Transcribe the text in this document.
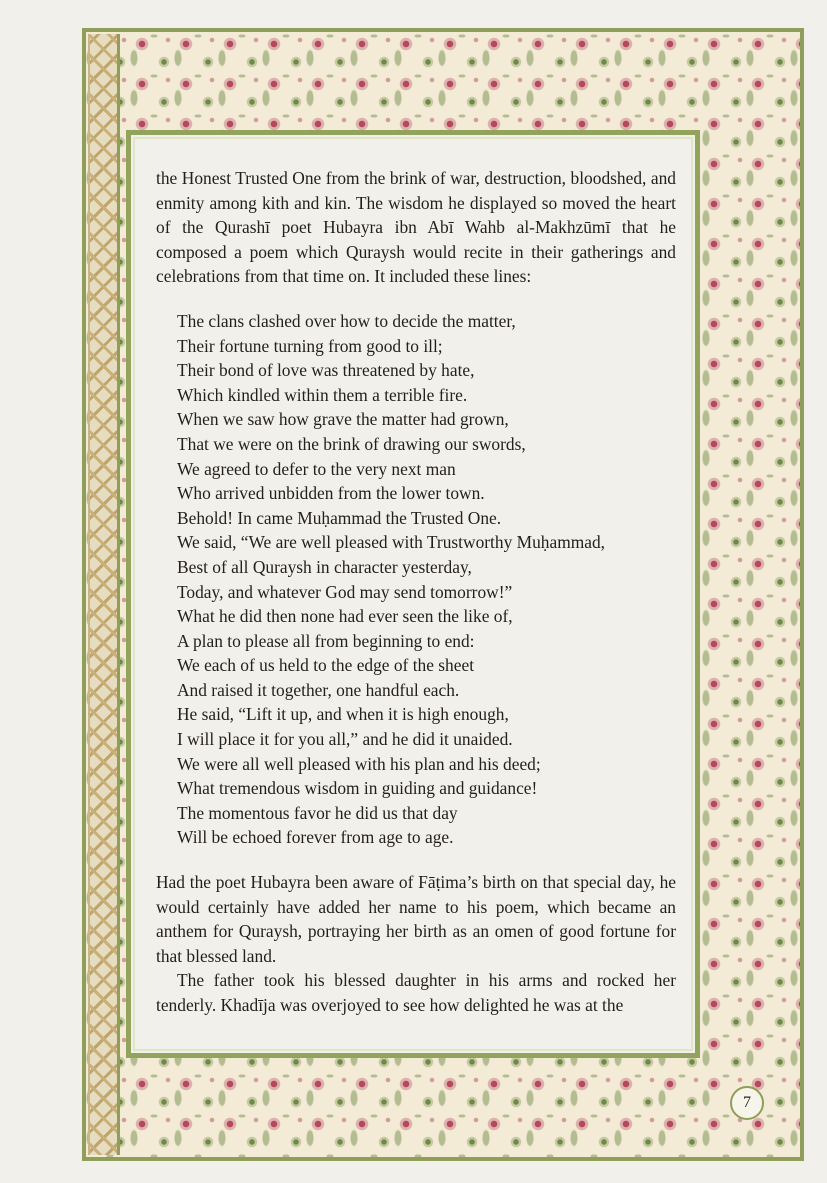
the Honest Trusted One from the brink of war, destruction, bloodshed, and enmity among kith and kin. The wisdom he displayed so moved the heart of the Qurashī poet Hubayra ibn Abī Wahb al-Makhzūmī that he composed a poem which Quraysh would recite in their gatherings and celebrations from that time on. It included these lines:

The clans clashed over how to decide the matter,
Their fortune turning from good to ill;
Their bond of love was threatened by hate,
Which kindled within them a terrible fire.
When we saw how grave the matter had grown,
That we were on the brink of drawing our swords,
We agreed to defer to the very next man
Who arrived unbidden from the lower town.
Behold! In came Muḥammad the Trusted One.
We said, “We are well pleased with Trustworthy Muḥammad,
Best of all Quraysh in character yesterday,
Today, and whatever God may send tomorrow!”
What he did then none had ever seen the like of,
A plan to please all from beginning to end:
We each of us held to the edge of the sheet
And raised it together, one handful each.
He said, “Lift it up, and when it is high enough,
I will place it for you all,” and he did it unaided.
We were all well pleased with his plan and his deed;
What tremendous wisdom in guiding and guidance!
The momentous favor he did us that day
Will be echoed forever from age to age.

Had the poet Hubayra been aware of Fāṭima’s birth on that special day, he would certainly have added her name to his poem, which became an anthem for Quraysh, portraying her birth as an omen of good fortune for that blessed land.

The father took his blessed daughter in his arms and rocked her tenderly. Khadīja was overjoyed to see how delighted he was at the

7
